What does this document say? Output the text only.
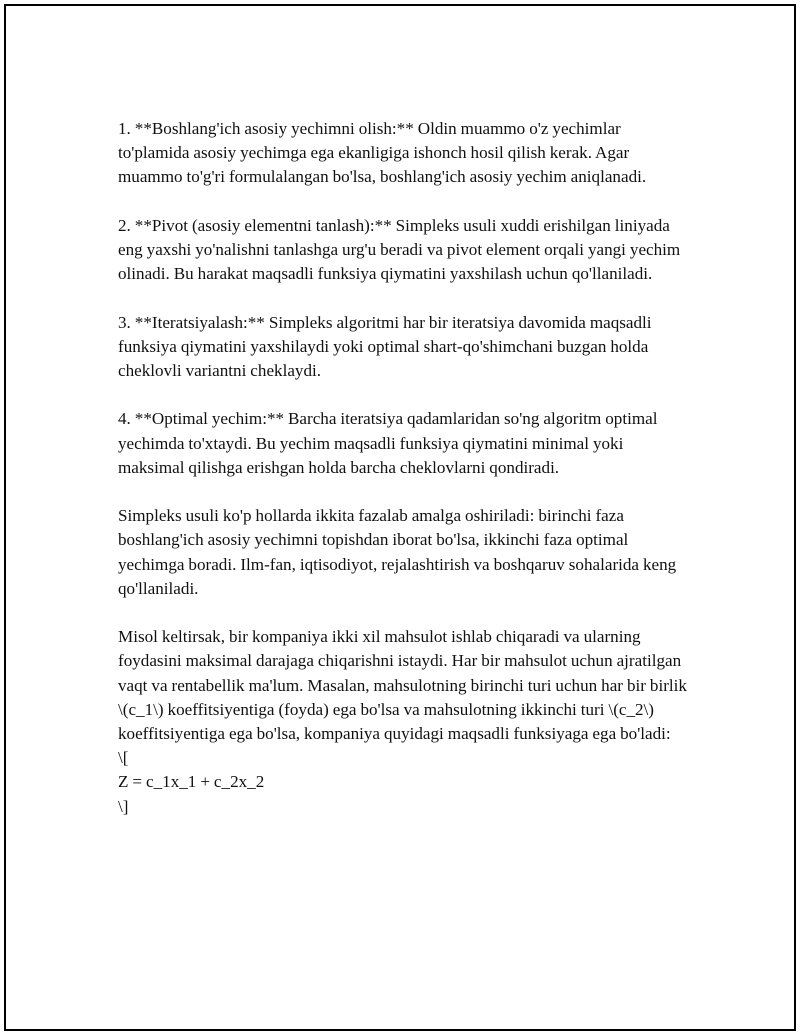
1. **Boshlang'ich asosiy yechimni olish:** Oldin muammo o'z yechimlar to'plamida asosiy yechimga ega ekanligiga ishonch hosil qilish kerak. Agar muammo to'g'ri formulalangan bo'lsa, boshlang'ich asosiy yechim aniqlanadi.

2. **Pivot (asosiy elementni tanlash):** Simpleks usuli xuddi erishilgan liniyada eng yaxshi yo'nalishni tanlashga urg'u beradi va pivot element orqali yangi yechim olinadi. Bu harakat maqsadli funksiya qiymatini yaxshilash uchun qo'llaniladi.

3. **Iteratsiyalash:** Simpleks algoritmi har bir iteratsiya davomida maqsadli funksiya qiymatini yaxshilaydi yoki optimal shart-qo'shimchani buzgan holda cheklovli variantni cheklaydi.

4. **Optimal yechim:** Barcha iteratsiya qadamlaridan so'ng algoritm optimal yechimda to'xtaydi. Bu yechim maqsadli funksiya qiymatini minimal yoki maksimal qilishga erishgan holda barcha cheklovlarni qondiradi.

Simpleks usuli ko'p hollarda ikkita fazalab amalga oshiriladi: birinchi faza boshlang'ich asosiy yechimni topishdan iborat bo'lsa, ikkinchi faza optimal yechimga boradi. Ilm-fan, iqtisodiyot, rejalashtirish va boshqaruv sohalarida keng qo'llaniladi.

Misol keltirsak, bir kompaniya ikki xil mahsulot ishlab chiqaradi va ularning foydasini maksimal darajaga chiqarishni istaydi. Har bir mahsulot uchun ajratilgan vaqt va rentabellik ma'lum. Masalan, mahsulotning birinchi turi uchun har bir birlik \(c_1\) koeffitsiyentiga (foyda) ega bo'lsa va mahsulotning ikkinchi turi \(c_2\) koeffitsiyentiga ega bo'lsa, kompaniya quyidagi maqsadli funksiyaga ega bo'ladi:

\[
Z = c_1x_1 + c_2x_2
\]
